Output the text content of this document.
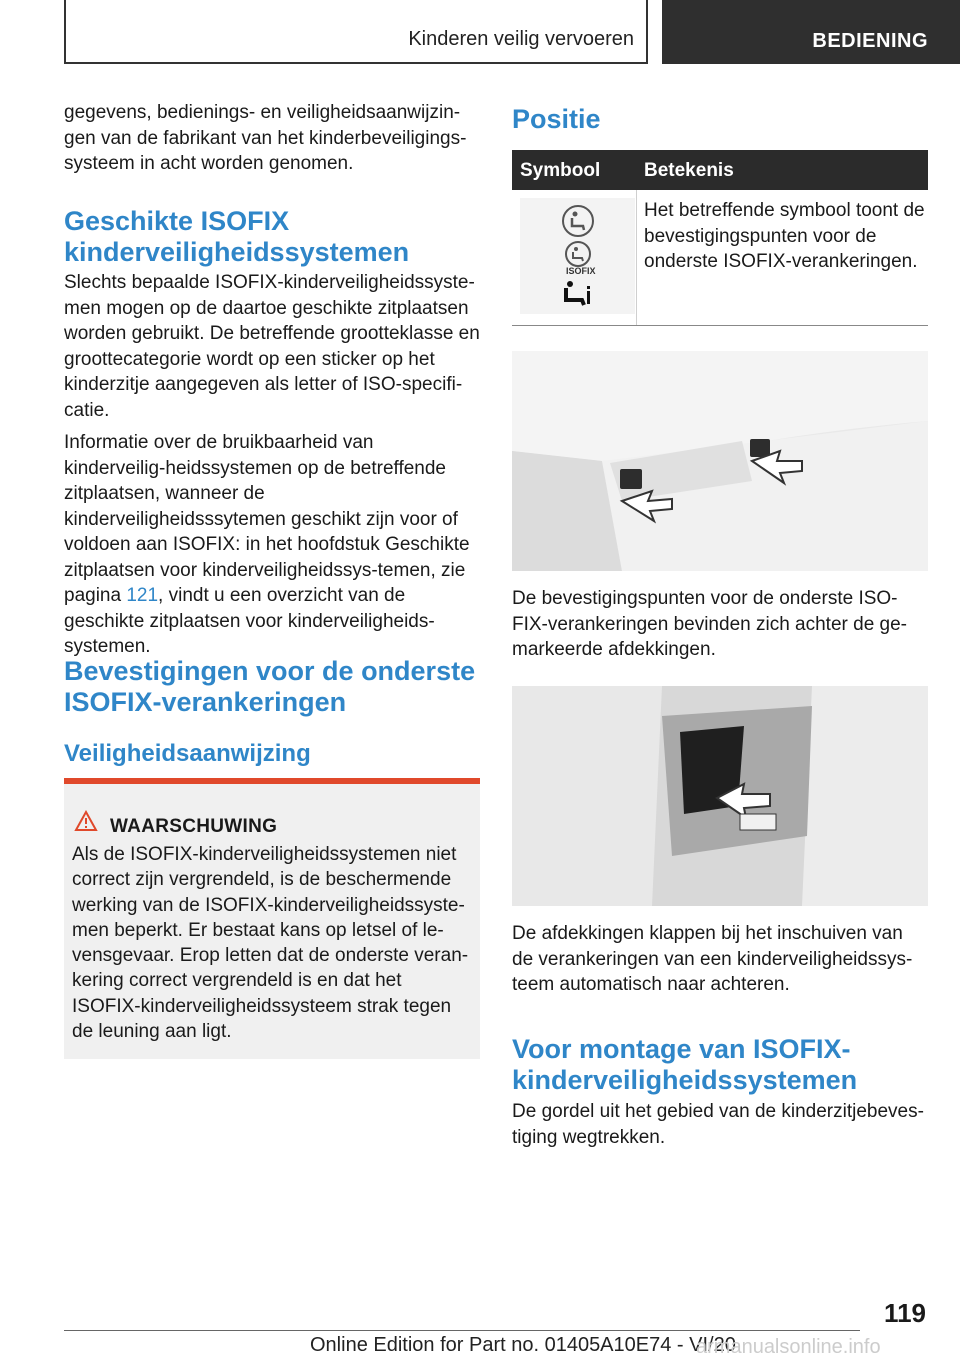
Kinderen veilig vervoeren	BEDIENING

gegevens, bedienings- en veiligheidsaanwijzin-gen van de fabrikant van het kinderbeveiligings-systeem in acht worden genomen.

Geschikte ISOFIX kinderveiligheidssystemen

Slechts bepaalde ISOFIX-kinderveiligheidssyste-men mogen op de daartoe geschikte zitplaatsen worden gebruikt. De betreffende grootteklasse en groottecategorie wordt op een sticker op het kinderzitje aangegeven als letter of ISO-specifi-catie.

Informatie over de bruikbaarheid van kinderveilig-heidssystemen op de betreffende zitplaatsen, wanneer de kinderveiligheidsssytemen geschikt zijn voor of voldoen aan ISOFIX: in het hoofdstuk Geschikte zitplaatsen voor kinderveiligheidssys-temen, zie pagina 121, vindt u een overzicht van de geschikte zitplaatsen voor kinderveiligheids-systemen.

Bevestigingen voor de onderste ISOFIX-verankeringen

Veiligheidsaanwijzing

WAARSCHUWING
Als de ISOFIX-kinderveiligheidssystemen niet correct zijn vergrendeld, is de beschermende werking van de ISOFIX-kinderveiligheidssyste-men beperkt. Er bestaat kans op letsel of le-vensgevaar. Erop letten dat de onderste veran-kering correct vergrendeld is en dat het ISOFIX-kinderveiligheidssysteem strak tegen de leuning aan ligt.

Positie

Symbool Betekenis
ISOFIX

Het betreffende symbool toont de bevestigingspunten voor de onderste ISOFIX-verankeringen.

De bevestigingspunten voor de onderste ISO-FIX-verankeringen bevinden zich achter de ge-markeerde afdekkingen.

De afdekkingen klappen bij het inschuiven van de verankeringen van een kinderveiligheidssys-teem automatisch naar achteren.

Voor montage van ISOFIX-kinderveiligheidssystemen

De gordel uit het gebied van de kinderzitjebeves-tiging wegtrekken.

119
Online Edition for Part no. 01405A10E74 - VI/20
armanualsonline.info
